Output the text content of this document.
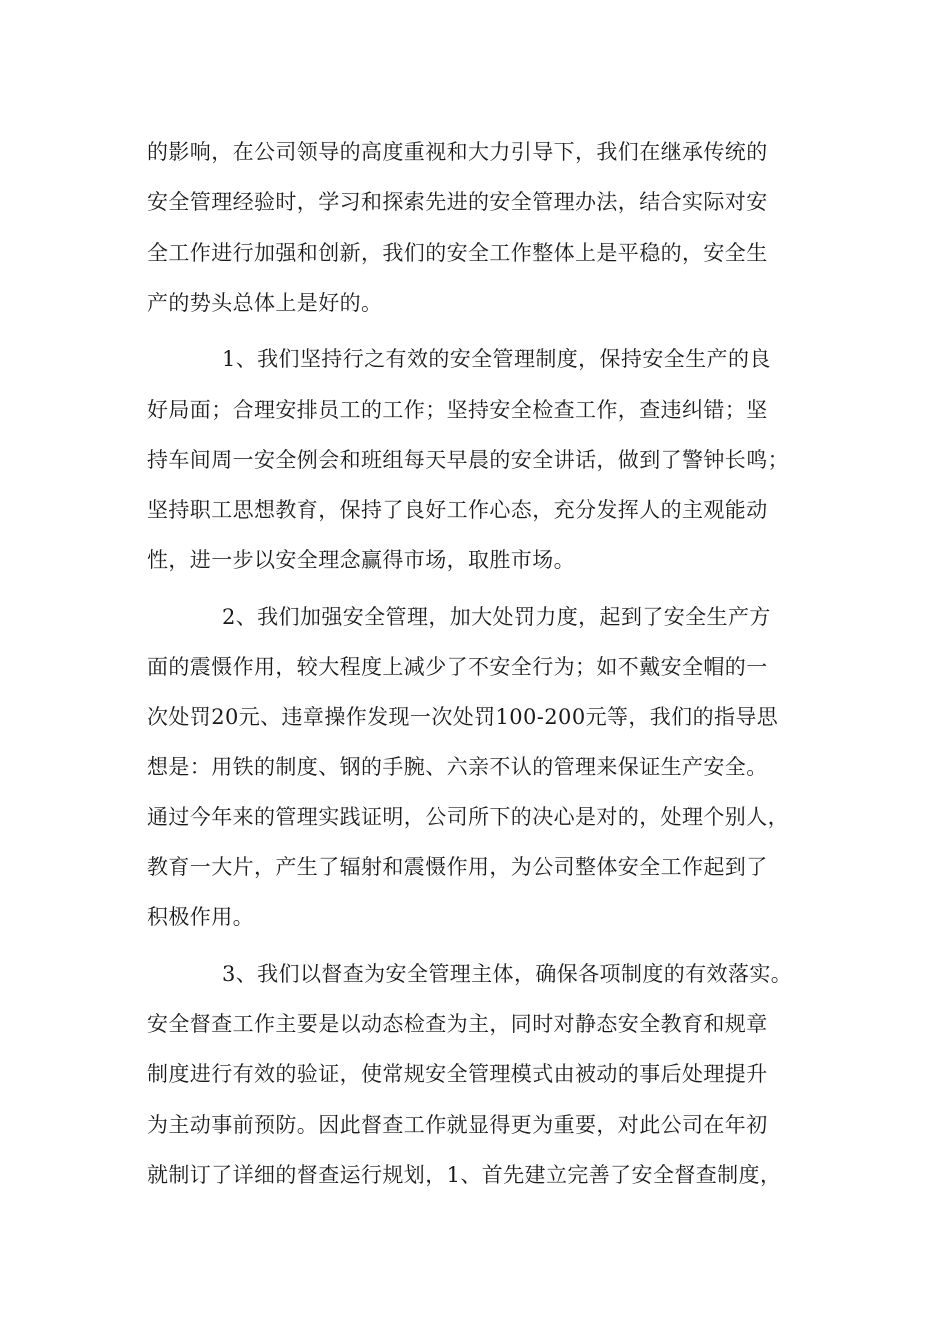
的影响，在公司领导的高度重视和大力引导下，我们在继承传统的

安全管理经验时，学习和探索先进的安全管理办法，结合实际对安

全工作进行加强和创新，我们的安全工作整体上是平稳的，安全生

产的势头总体上是好的。

1、我们坚持行之有效的安全管理制度，保持安全生产的良

好局面；合理安排员工的工作；坚持安全检查工作，查违纠错；坚

持车间周一安全例会和班组每天早晨的安全讲话，做到了警钟长鸣；

坚持职工思想教育，保持了良好工作心态，充分发挥人的主观能动

性，进一步以安全理念赢得市场，取胜市场。

2、我们加强安全管理，加大处罚力度，起到了安全生产方

面的震慑作用，较大程度上减少了不安全行为；如不戴安全帽的一

次处罚20元、违章操作发现一次处罚100-200元等，我们的指导思

想是：用铁的制度、钢的手腕、六亲不认的管理来保证生产安全。

通过今年来的管理实践证明，公司所下的决心是对的，处理个别人，

教育一大片，产生了辐射和震慑作用，为公司整体安全工作起到了

积极作用。

3、我们以督查为安全管理主体，确保各项制度的有效落实。

安全督查工作主要是以动态检查为主，同时对静态安全教育和规章

制度进行有效的验证，使常规安全管理模式由被动的事后处理提升

为主动事前预防。因此督查工作就显得更为重要，对此公司在年初

就制订了详细的督查运行规划，1、首先建立完善了安全督查制度，
